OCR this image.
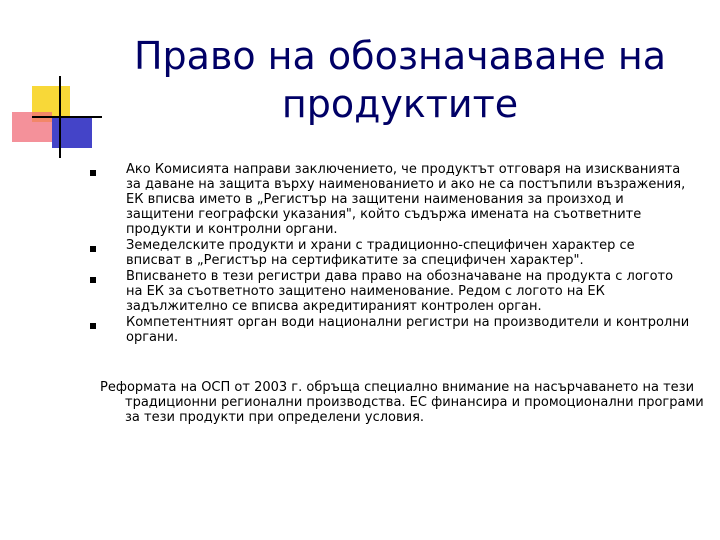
Право на обозначаване на продуктите
Ако Комисията направи заключението, че продуктът отговаря на изискванията за даване на защита върху наименованието и ако не са постъпили възражения, ЕК вписва името в „Регистър на защитени наименования за произход и защитени географски указания", който съдържа имената на съответните продукти и контролни органи.
Земеделските продукти и храни с традиционно-специфичен характер се вписват в „Регистър на сертификатите за специфичен характер".
Вписването в тези регистри дава право на обозначаване на продукта с логото на ЕК за съответното защитено наименование. Редом с логото на ЕК задължително се вписва акредитираният контролен орган.
Компетентният орган води национални регистри на производители и контролни органи.

Реформата на ОСП от 2003 г. обръща специално внимание на насърчаването на тези традиционни регионални производства. ЕС финансира и промоционални програми за тези продукти при определени условия.
